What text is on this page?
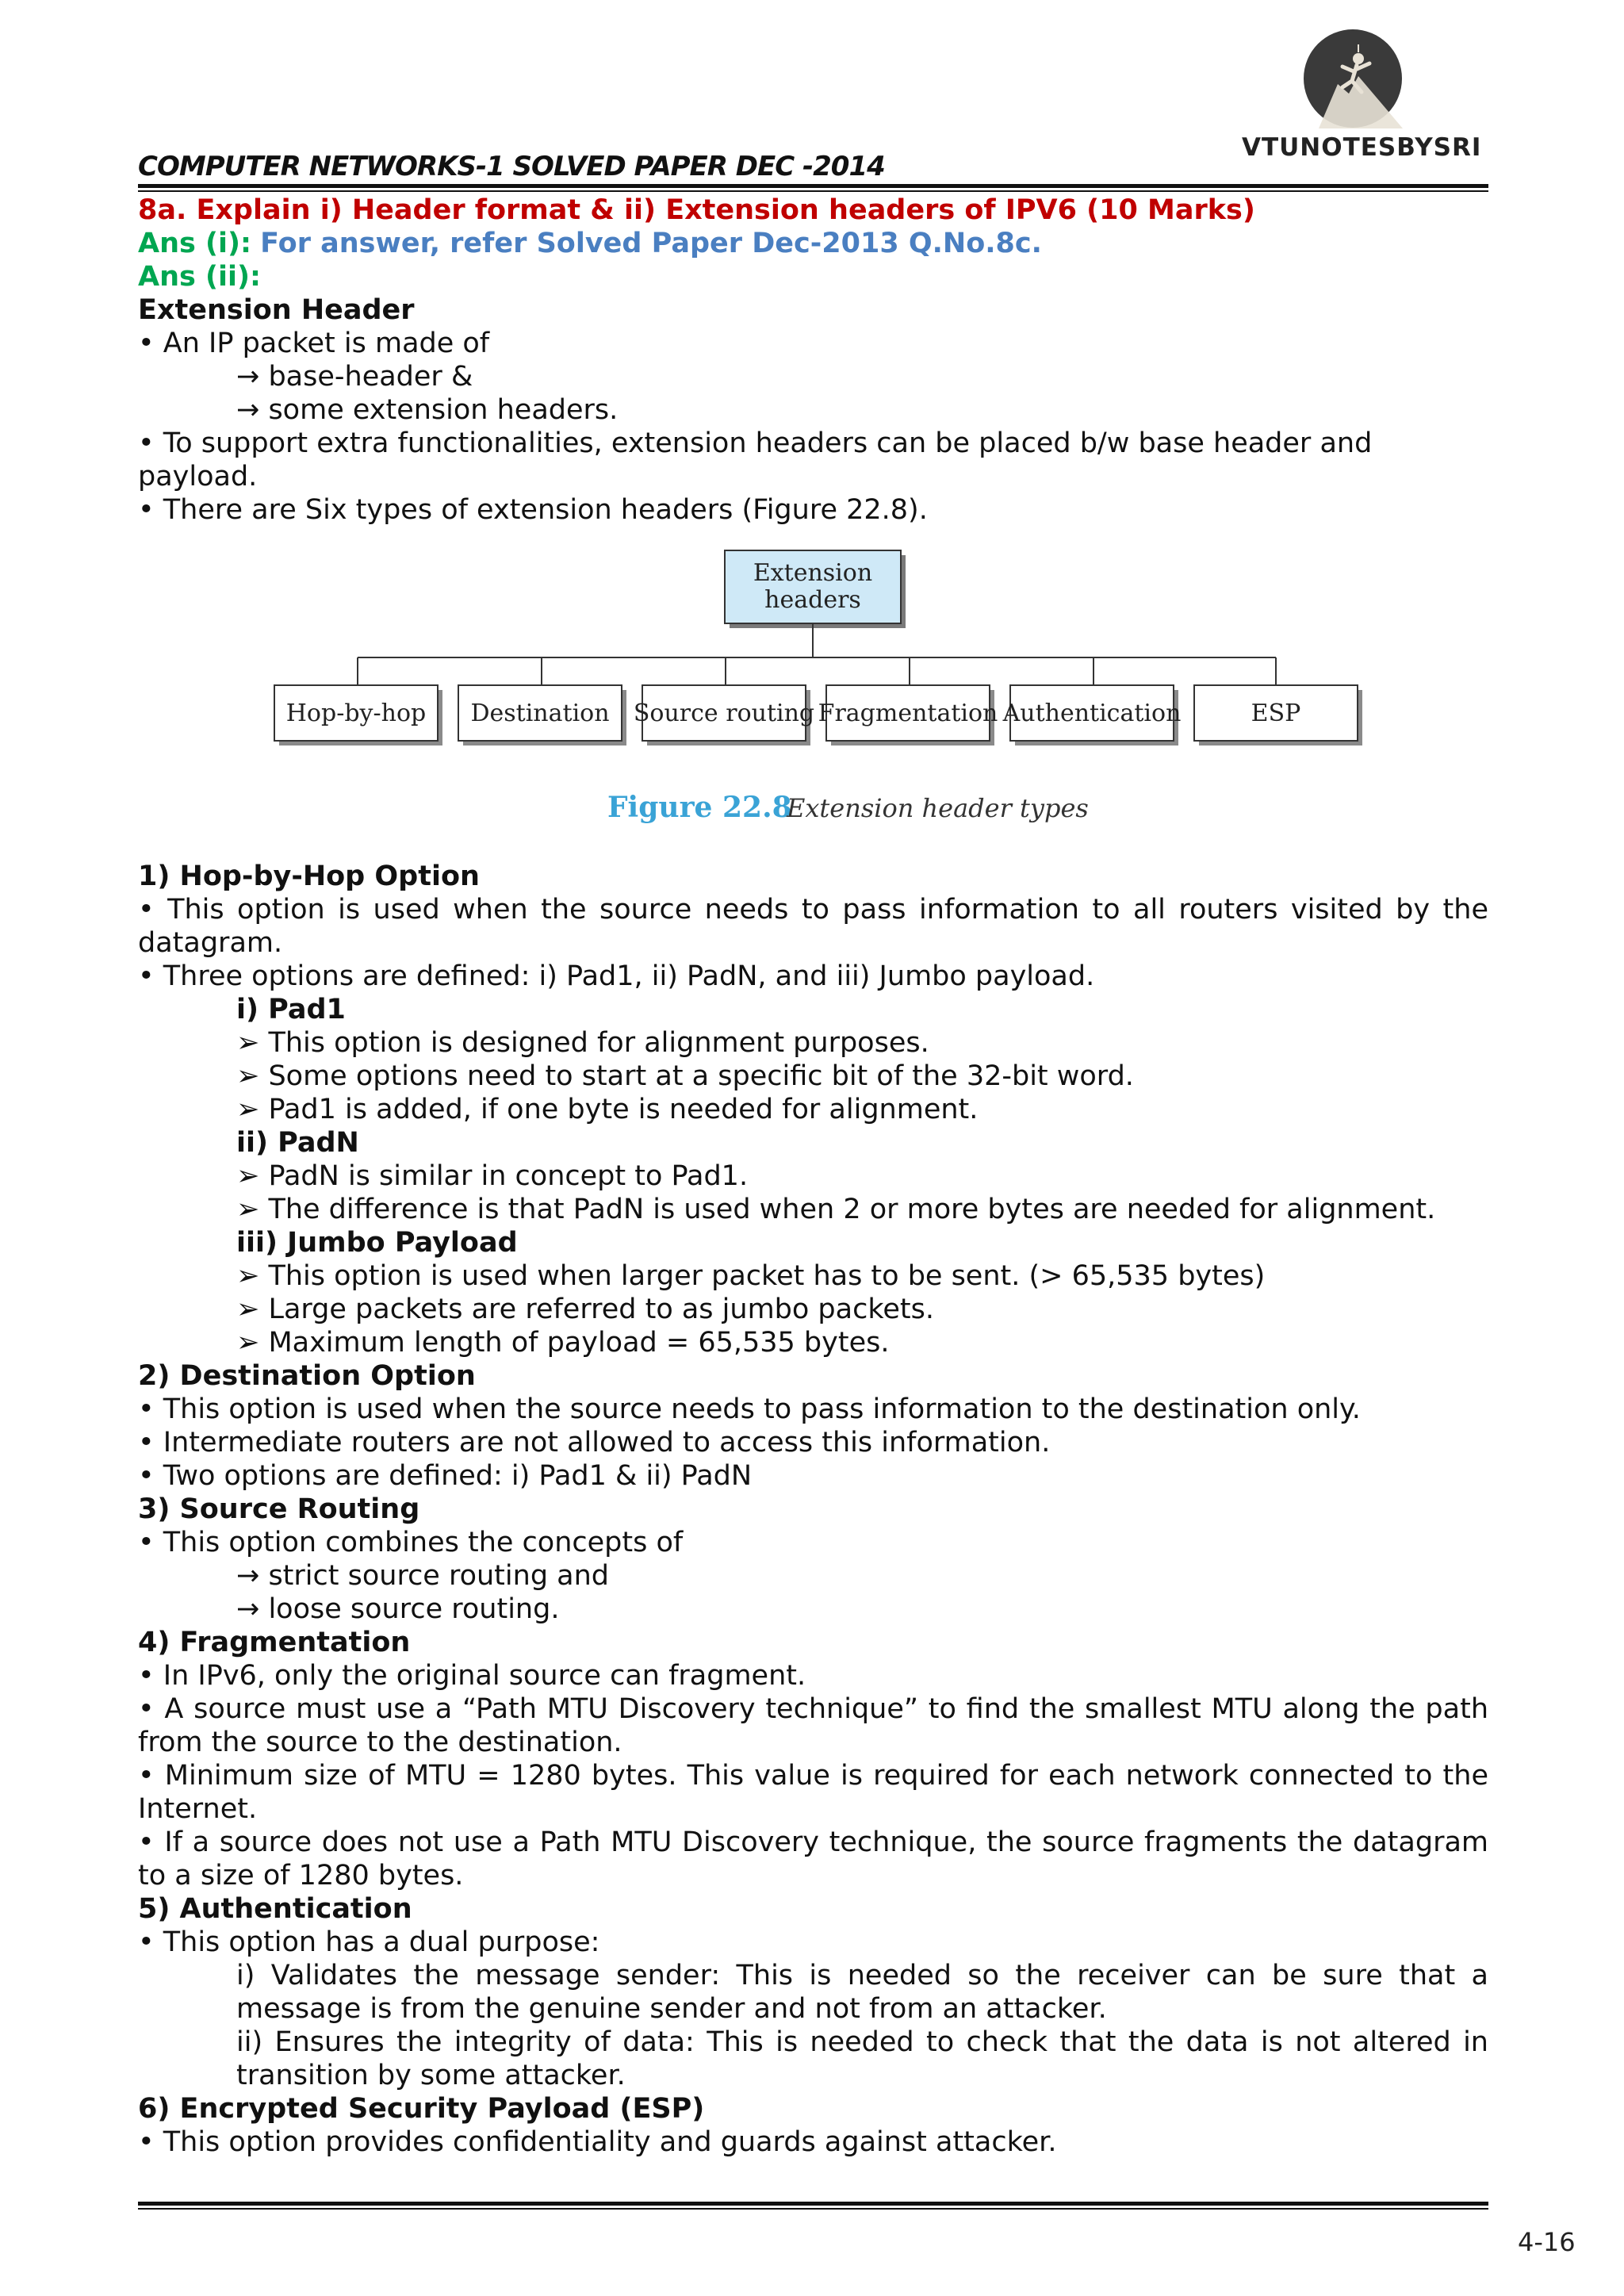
VTUNOTESBYSRI
COMPUTER NETWORKS-1 SOLVED PAPER DEC -2014

8a. Explain i) Header format & ii) Extension headers of IPV6 (10 Marks)

Ans (i): For answer, refer Solved Paper Dec-2013 Q.No.8c.

Ans (ii):

Extension Header

• An IP packet is made of

→ base-header &

→ some extension headers.

• To support extra functionalities, extension headers can be placed b/w base header and payload.

• There are Six types of extension headers (Figure 22.8).

Extension
headers
Hop-by-hop Destination Source routing Fragmentation Authentication	ESP
Figure 22.8
Extension header types

1) Hop-by-Hop Option

• This option is used when the source needs to pass information to all routers visited by the datagram.

• Three options are defined: i) Pad1, ii) PadN, and iii) Jumbo payload.

i) Pad1

➢ This option is designed for alignment purposes.

➢ Some options need to start at a specific bit of the 32-bit word.

➢ Pad1 is added, if one byte is needed for alignment.

ii) PadN

➢ PadN is similar in concept to Pad1.

➢ The difference is that PadN is used when 2 or more bytes are needed for alignment.

iii) Jumbo Payload

➢ This option is used when larger packet has to be sent. (> 65,535 bytes)

➢ Large packets are referred to as jumbo packets.

➢ Maximum length of payload = 65,535 bytes.

2) Destination Option

• This option is used when the source needs to pass information to the destination only.

• Intermediate routers are not allowed to access this information.

• Two options are defined: i) Pad1 & ii) PadN

3) Source Routing

• This option combines the concepts of

→ strict source routing and

→ loose source routing.

4) Fragmentation

• In IPv6, only the original source can fragment.

• A source must use a “Path MTU Discovery technique” to find the smallest MTU along the path from the source to the destination.

• Minimum size of MTU = 1280 bytes. This value is required for each network connected to the Internet.

• If a source does not use a Path MTU Discovery technique, the source fragments the datagram to a size of 1280 bytes.

5) Authentication

• This option has a dual purpose:

i) Validates the message sender: This is needed so the receiver can be sure that a message is from the genuine sender and not from an attacker.

ii) Ensures the integrity of data: This is needed to check that the data is not altered in transition by some attacker.

6) Encrypted Security Payload (ESP)

• This option provides confidentiality and guards against attacker.

4-16
